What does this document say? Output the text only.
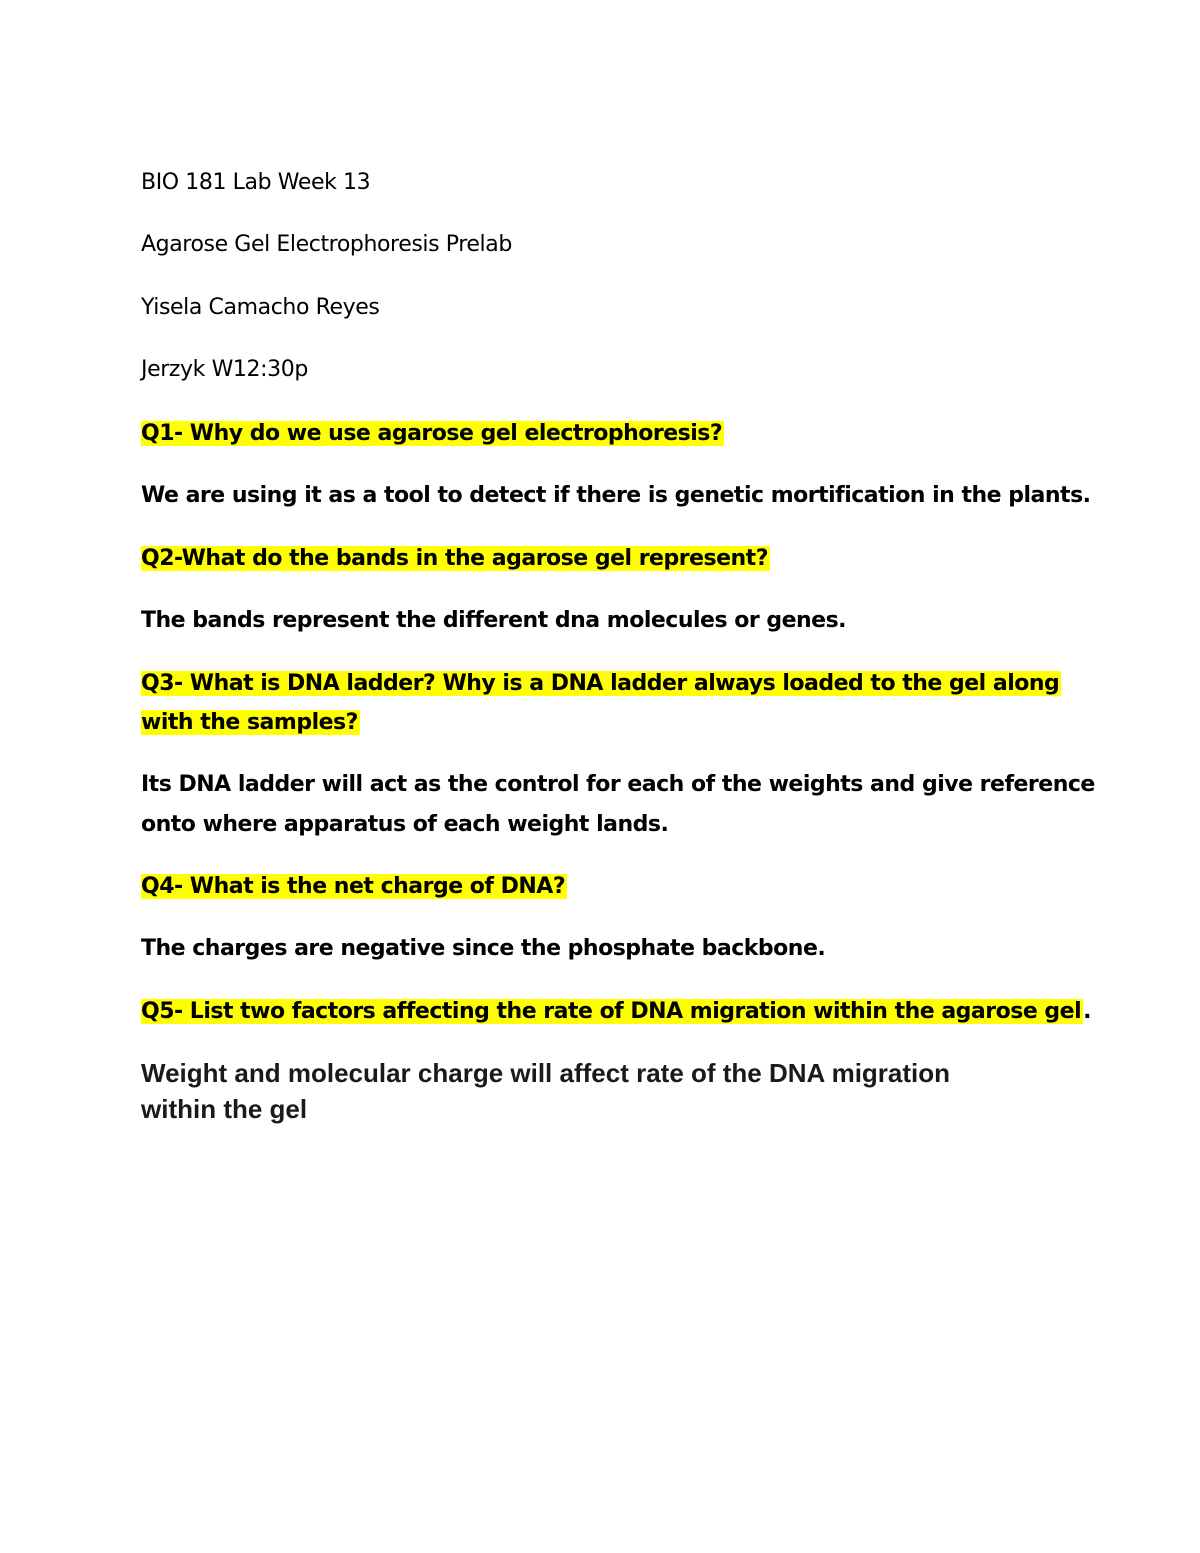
BIO 181 Lab Week 13
Agarose Gel Electrophoresis Prelab
Yisela Camacho Reyes
Jerzyk W12:30p
Q1- Why do we use agarose gel electrophoresis?
We are using it as a tool to detect if there is genetic mortification in the plants.
Q2-What do the bands in the agarose gel represent?
The bands represent the different dna molecules or genes.
Q3- What is DNA ladder? Why is a DNA ladder always loaded to the gel along
with the samples?
Its DNA ladder will act as the control for each of the weights and give reference
onto where apparatus of each weight lands.
Q4- What is the net charge of DNA?
The charges are negative since the phosphate backbone.
Q5- List two factors affecting the rate of DNA migration within the agarose gel.
Weight and molecular charge will affect rate of the DNA migration
within the gel
